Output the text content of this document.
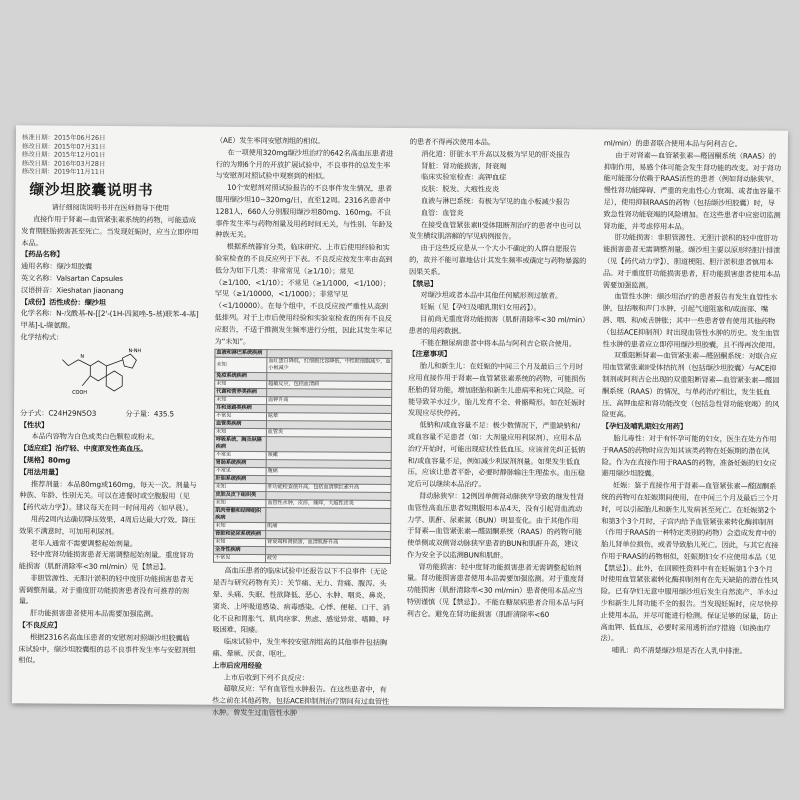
核准日期：2015年06月26日
修改日期：2015年07月31日
修改日期：2015年12月01日
修改日期：2016年03月28日
修改日期：2019年11月11日
缬沙坦胶囊说明书
请仔细阅读说明书并在医师指导下使用

直接作用于肾素—血管紧张素系统的药物，可能造成发育期胚胎损害甚至死亡。当发现妊娠时，应当立即停用本品。

【药品名称】

通用名称：缬沙坦胶囊

英文名称：Valsartan Capsules

汉语拼音：Xieshatan Jiaonang

【成份】活性成份：缬沙坦

化学名称：N-戊酰基-N-[[2'-(1H-四氮唑-5-基)联苯-4-基]甲基]-L-缬氨酸。

化学结构式：

N
N-NH
COOH
分子式：C24H29N5O3	分子量：435.5

【性状】

本品内容物为白色或类白色颗粒或粉末。

【适应症】治疗轻、中度原发性高血压。

【规格】80mg

【用法用量】

推荐剂量：本品80mg或160mg，每天一次。剂量与种族、年龄、性别无关。可以在进餐时或空腹服用（见【药代动力学】）。建议每天在同一时间用药（如早晨）。

用药2周内达确切降压效果，4周后达最大疗效。降压效果不满意时，可加用利尿剂。

老年人通常不需要调整起始剂量。

轻中度肾功能损害患者无需调整起始剂量。重度肾功能损害（肌酐清除率<30 ml/min）见【禁忌】。

非胆管源性、无胆汁淤积的轻中度肝功能损害患者无需调整剂量。对于重度肝功能损害患者没有可推荐的剂量。

肝功能损害患者使用本品需要加强监测。

【不良反应】

根据2316名高血压患者的安慰剂对照缬沙坦胶囊临床试验中，缬沙坦胶囊组的总不良事件发生率与安慰剂组相似。

（AE）发生率同安慰剂组的相似。

在一项使用320mg缬沙坦治疗的642名高血压患者进行的为期6个月的开放扩展试验中，不良事件的总发生率与安慰剂对照试验中观察到的相似。

10个安慰剂对照试验报告的不良事件发生情况，患者服用缬沙坦10~320mg/日，直至12周。2316名患者中1281人，660人分别服用缬沙坦80mg、160mg。不良事件发生率与药物剂量及用药时间无关，与性别、年龄及种族无关。

根据系统器官分类，临床研究、上市后使用经验和实验室检查的不良反应列于下表。不良反应按发生率由高到低分为如下几类：非常常见（≥1/10）；常见（≥1/100，<1/10）；不常见（≥1/1000，<1/100）；罕见（≥1/10000，<1/1000）；非常罕见（<1/10000）。在每个组中，不良反应按严重性从高到低排列。对于上市后使用经验和实验室检查的所有不良反应报告，不适于推测发生频率进行分组，因此其发生率记为“未知”。

血液和淋巴系统疾病	
未知	血红蛋白降低，红细胞比容降低，中性粒细胞减少，血小板减少
免疫系统疾病	
未知	超敏反应，包括血清病
代谢和营养类疾病	
未知	血钾升高
耳和迷路类疾病	
不常见	眩晕
血管类疾病	
未知	血管炎
呼吸系统、胸及纵隔疾病	
不常见	咳嗽
胃肠系统疾病	
不常见	腹痛
肝胆系统疾病	
未知	肝功能检查值升高，包括血清胆红素升高
皮肤及皮下组织类	
未知	血管性水肿，皮疹，瘙痒，大疱性皮炎
肌肉骨骼和结缔组织疾病	
未知	肌痛
肾脏和泌尿系统疾病	
未知	肾衰竭和肾损害，血清肌酐升高
全身性疾病	
不常见	疲劳

高血压患者的临床试验中还报告以下不良事件（无论是否与研究药物有关）：关节痛、无力、背痛、腹泻、头晕、头痛、失眠、性欲降低、恶心、水肿、咽炎、鼻炎、窦炎、上呼吸道感染、病毒感染。心悸、便秘、口干、消化不良和胃胀气、肌肉痉挛、焦虑、感觉异常、嗜睡、呼吸困难、阳痿。

临床试验中，发生率较安慰剂组高的其他事件包括胸痛、晕厥、厌食、呕吐。

上市后应用经验

上市后收到下列不良反应：

超敏反应：罕有血管性水肿报告。在这些患者中，有些之前在其他药物，包括ACE抑制剂治疗期间有过血管性水肿。曾发生过血管性水肿

的患者不得再次使用本品。

消化道：肝脏水平升高以及极为罕见的肝炎报告

肾脏：肾功能损害，肾衰竭

临床实验室检查：高钾血症

皮肤：脱发、大疱性皮炎

血液与淋巴系统：有极为罕见的血小板减少报告

血管：血管炎

在接受血管紧张素II受体阻断剂治疗的患者中也可以发生横纹肌溶解的罕见病例报告。

由于这些反应是从一个大小不确定的人群自愿报告的，故并不能可靠地估计其发生频率或确定与药物暴露的因果关系。

【禁忌】

对缬沙坦或者本品中其他任何赋形剂过敏者。

妊娠（见【孕妇及哺乳期妇女用药】）。

目前尚无重度肾功能损害（肌酐清除率<30 ml/min）患者的用药数据。

不能在糖尿病患者中将本品与阿利吉仑联合使用。

【注意事项】

胎儿和新生儿：在妊娠的中间三个月及最后三个月时应用直接作用于肾素—血管紧张素系统的药物，可能损伤胚胎的肾功能，增加胚胎和新生儿患病率和死亡风险。可能导致羊水过少，胎儿发育不全、骨骼畸形。如在妊娠时发现应尽快停药。

低钠和/或血容量不足：极少数情况下，严重缺钠和/或血容量不足患者（如：大剂量应用利尿剂），应用本品治疗开始时，可能出现症状性低血压。应该首先纠正低钠和/或血容量不足，例如减少利尿剂剂量。如果发生低血压，应该让患者平卧，必要时静脉输注生理盐水。血压稳定后可以继续本品治疗。

肾动脉狭窄：12例因单侧肾动脉狭窄导致的继发性肾血管性高血压患者短期服用本品4天，没有引起肾血流动力学、肌酐、尿素氮（BUN）明显变化。由于其他作用于肾素—血管紧张素—醛固酮系统（RAAS）的药物可能使单侧或双侧肾动脉狭窄患者的BUN和肌酐升高，建议作为安全予以监测BUN和肌酐。

肾功能损害：轻中度肾功能损害患者无需调整起始剂量。肾功能损害患者使用本品需要加强监测。对于重度肾功能损害（肌酐清除率<30 ml/min）患者使用本品应当特别谨慎（见【禁忌】）。不能在糖尿病患者合用本品与阿利吉仑。避免在肾功能损害（肌酐清除率<60

ml/min）的患者联合使用本品与阿利吉仑。

由于对肾素—血管紧张素—醛固酮系统（RAAS）的抑制作用，易感个体可能会发生肾功能的改变。对于肾功能可能部分依赖于RAAS活性的患者（例如肾动脉狭窄、慢性肾功能障碍、严重的充血性心力衰竭、或者血容量不足），使用抑制RAAS的药物（包括缬沙坦胶囊）时，导致急性肾功能衰竭的风险增加。在这些患者中应密切监测肾功能，并考虑停用本品。

肝功能损害：非胆管源性、无胆汁淤积的轻中度肝功能损害患者无需调整剂量。缬沙坦主要以原形经胆汁排泄（见【药代动力学】），胆道梗阻、胆汁淤积患者慎用本品。对于重度肝功能损害患者，肝功能损害患者使用本品需要加强监测。

血管性水肿：缬沙坦治疗的患者报告有发生血管性水肿，包括喉和声门水肿，引起气道阻塞和/或面部、嘴唇、咽、和/或舌肿胀；其中一些患者曾有使用其他药物（包括ACE抑制剂）时出现血管性水肿的历史。发生血管性水肿的患者应立即停用缬沙坦胶囊，且不得再次使用。

双重阻断肾素—血管紧张素—醛固酮系统：对联合应用血管紧张素II受体拮抗剂（包括缬沙坦胶囊）与ACE抑制剂或阿利吉仑出现的双重阻断肾素—血管紧张素—醛固酮系统（RAAS）的情况，与单药治疗相比，发生低血压、高钾血症和肾功能改变（包括急性肾功能衰竭）的风险更高。

【孕妇及哺乳期妇女用药】

胎儿毒性：对于有怀孕可能的妇女，医生在处方作用于RAAS的药物时应告知其该类药物在妊娠期的潜在风险。作为在直接作用于RAAS的药物，准备妊娠的妇女应避用缬沙坦胶囊。

妊娠：鉴于直接作用于肾素—血管紧张素—醛固酮系统的药物可在妊娠期间使用，在中间三个月及最后三个月时，可以引起胎儿和新生儿发病甚至死亡。在妊娠第2个和第3个3个月时，子宫内给予血管紧张素转化酶抑制剂（作用于RAAS的一种特定类别的药物）会造成发育中的胎儿肾单位损伤，或者导致胎儿死亡。因此，与其它直接作用于RAAS的药物相似，妊娠期妇女不应使用本品（见【禁忌】）。此外，在回顾性资料中有在妊娠第1个3个月时使用血管紧张素转化酶抑制剂有在先天缺陷的潜在性风险。已有孕妇无意中服用缬沙坦后发生自然流产、羊水过少和新生儿肾功能不全的报告。当发现妊娠时，应尽快停止使用本品，并尽可能进行检测。保证足够的尿量，防止高血钾、低血压，必要时采用透析治疗措施（如换血疗法）。

哺乳：尚不清楚缬沙坦是否在人乳中排泄。
